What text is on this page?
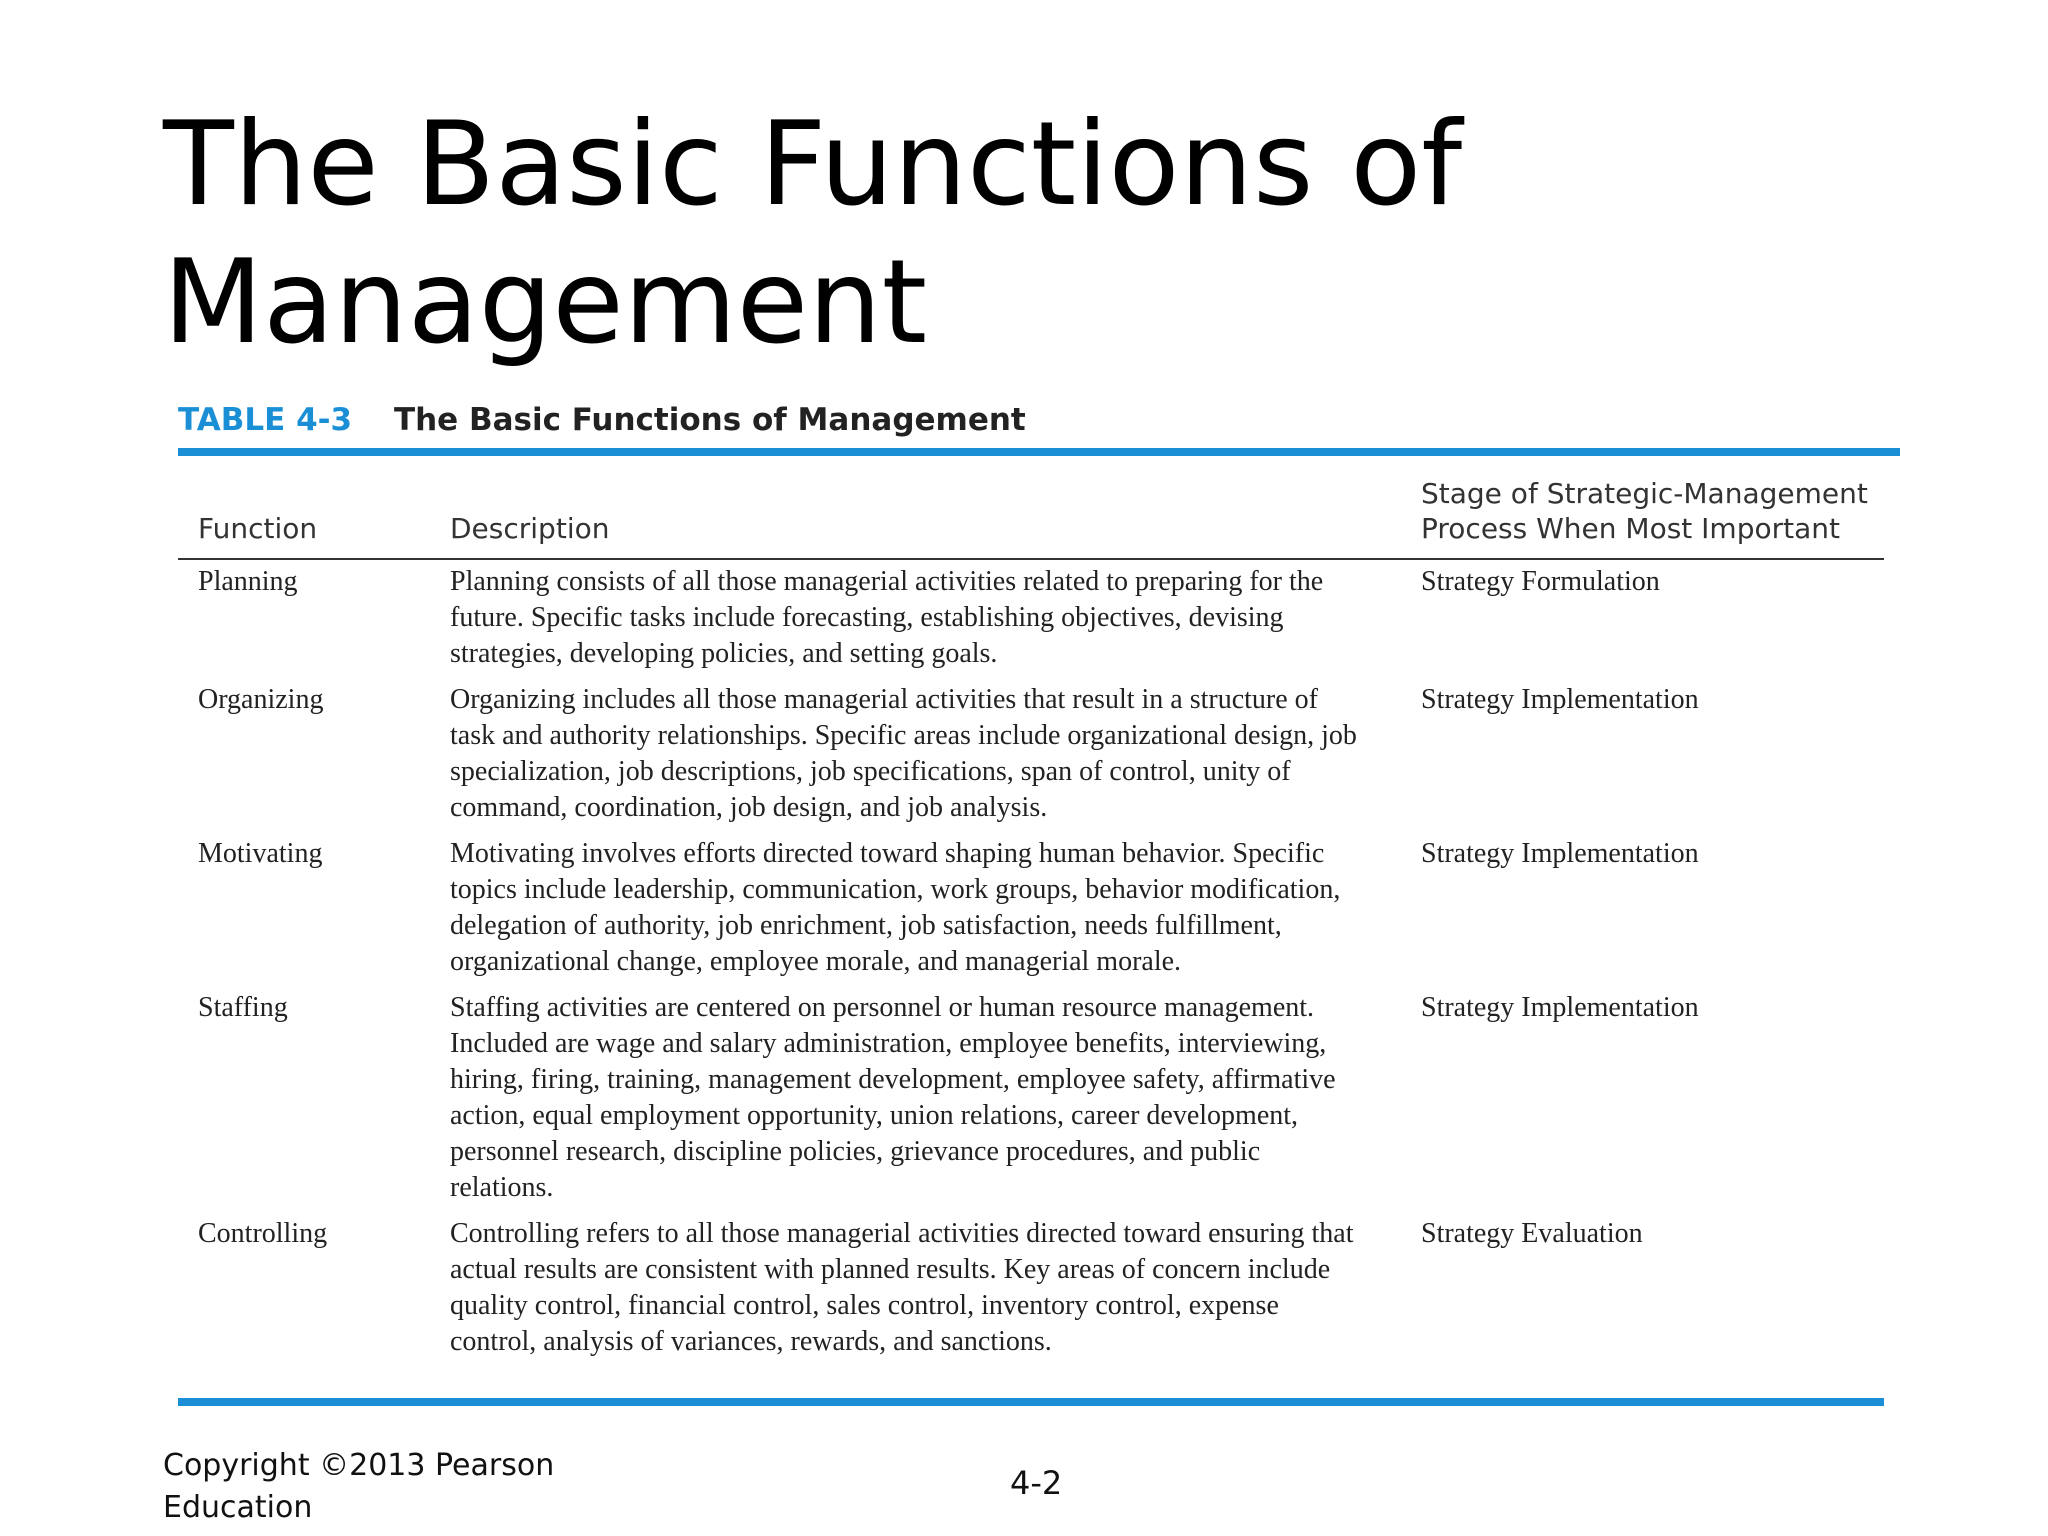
The Basic Functions of
Management
TABLE 4-3 The Basic Functions of Management
Function	Description	Stage of Strategic-Management
Process When Most Important
Planning	Planning consists of all those managerial activities related to preparing for the future. Specific tasks include forecasting, establishing objectives, devising strategies, developing policies, and setting goals.	Strategy Formulation
Organizing	Organizing includes all those managerial activities that result in a structure of task and authority relationships. Specific areas include organizational design, job specialization, job descriptions, job specifications, span of control, unity of command, coordination, job design, and job analysis.	Strategy Implementation
Motivating	Motivating involves efforts directed toward shaping human behavior. Specific topics include leadership, communication, work groups, behavior modification, delegation of authority, job enrichment, job satisfaction, needs fulfillment, organizational change, employee morale, and managerial morale.	Strategy Implementation
Staffing	Staffing activities are centered on personnel or human resource management. Included are wage and salary administration, employee benefits, interviewing, hiring, firing, training, management development, employee safety, affirmative action, equal employment opportunity, union relations, career development, personnel research, discipline policies, grievance procedures, and public relations.	Strategy Implementation
Controlling	Controlling refers to all those managerial activities directed toward ensuring that actual results are consistent with planned results. Key areas of concern include quality control, financial control, sales control, inventory control, expense control, analysis of variances, rewards, and sanctions.	Strategy Evaluation
Copyright ©2013 Pearson Education
4-2
